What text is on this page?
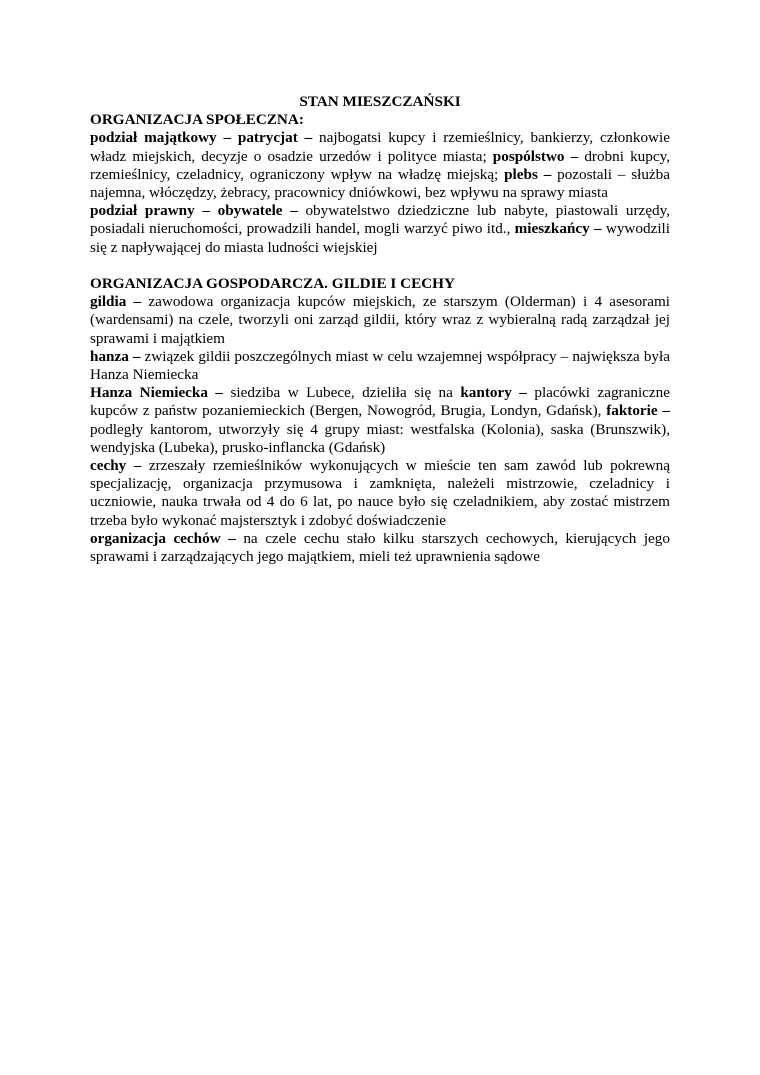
STAN MIESZCZAŃSKI

ORGANIZACJA SPOŁECZNA:

podział majątkowy – patrycjat – najbogatsi kupcy i rzemieślnicy, bankierzy, członkowie władz miejskich, decyzje o osadzie urzedów i polityce miasta; pospólstwo – drobni kupcy, rzemieślnicy, czeladnicy, ograniczony wpływ na władzę miejską; plebs – pozostali – służba najemna, włóczędzy, żebracy, pracownicy dniówkowi, bez wpływu na sprawy miasta

podział prawny – obywatele – obywatelstwo dziedziczne lub nabyte, piastowali urzędy, posiadali nieruchomości, prowadzili handel, mogli warzyć piwo itd., mieszkańcy – wywodzili się z napływającej do miasta ludności wiejskiej

ORGANIZACJA GOSPODARCZA. GILDIE I CECHY

gildia – zawodowa organizacja kupców miejskich, ze starszym (Olderman) i 4 asesorami (wardensami) na czele, tworzyli oni zarząd gildii, który wraz z wybieralną radą zarządzał jej sprawami i majątkiem

hanza – związek gildii poszczególnych miast w celu wzajemnej współpracy – największa była Hanza Niemiecka

Hanza Niemiecka – siedziba w Lubece, dzieliła się na kantory – placówki zagraniczne kupców z państw pozaniemieckich (Bergen, Nowogród, Brugia, Londyn, Gdańsk), faktorie – podległy kantorom, utworzyły się 4 grupy miast: westfalska (Kolonia), saska (Brunszwik), wendyjska (Lubeka), prusko-inflancka (Gdańsk)

cechy – zrzeszały rzemieślników wykonujących w mieście ten sam zawód lub pokrewną specjalizację, organizacja przymusowa i zamknięta, należeli mistrzowie, czeladnicy i uczniowie, nauka trwała od 4 do 6 lat, po nauce było się czeladnikiem, aby zostać mistrzem trzeba było wykonać majstersztyk i zdobyć doświadczenie

organizacja cechów – na czele cechu stało kilku starszych cechowych, kierujących jego sprawami i zarządzających jego majątkiem, mieli też uprawnienia sądowe
